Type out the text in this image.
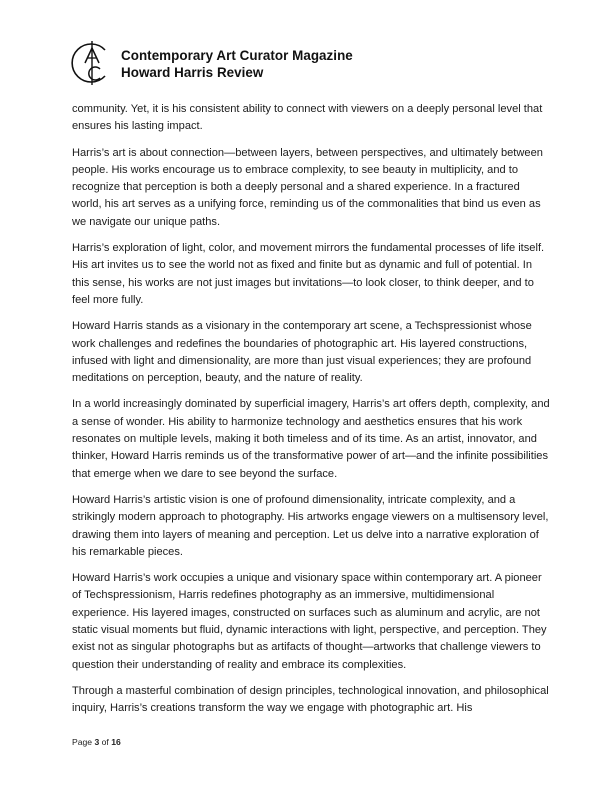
Contemporary Art Curator Magazine
Howard Harris Review

community. Yet, it is his consistent ability to connect with viewers on a deeply personal level that ensures his lasting impact.

Harris’s art is about connection—between layers, between perspectives, and ultimately between people. His works encourage us to embrace complexity, to see beauty in multiplicity, and to recognize that perception is both a deeply personal and a shared experience. In a fractured world, his art serves as a unifying force, reminding us of the commonalities that bind us even as we navigate our unique paths.

Harris’s exploration of light, color, and movement mirrors the fundamental processes of life itself. His art invites us to see the world not as fixed and finite but as dynamic and full of potential. In this sense, his works are not just images but invitations—to look closer, to think deeper, and to feel more fully.

Howard Harris stands as a visionary in the contemporary art scene, a Techspressionist whose work challenges and redefines the boundaries of photographic art. His layered constructions, infused with light and dimensionality, are more than just visual experiences; they are profound meditations on perception, beauty, and the nature of reality.

In a world increasingly dominated by superficial imagery, Harris’s art offers depth, complexity, and a sense of wonder. His ability to harmonize technology and aesthetics ensures that his work resonates on multiple levels, making it both timeless and of its time. As an artist, innovator, and thinker, Howard Harris reminds us of the transformative power of art—and the infinite possibilities that emerge when we dare to see beyond the surface.

Howard Harris’s artistic vision is one of profound dimensionality, intricate complexity, and a strikingly modern approach to photography. His artworks engage viewers on a multisensory level, drawing them into layers of meaning and perception. Let us delve into a narrative exploration of his remarkable pieces.

Howard Harris’s work occupies a unique and visionary space within contemporary art. A pioneer of Techspressionism, Harris redefines photography as an immersive, multidimensional experience. His layered images, constructed on surfaces such as aluminum and acrylic, are not static visual moments but fluid, dynamic interactions with light, perspective, and perception. They exist not as singular photographs but as artifacts of thought—artworks that challenge viewers to question their understanding of reality and embrace its complexities.

Through a masterful combination of design principles, technological innovation, and philosophical inquiry, Harris’s creations transform the way we engage with photographic art. His

Page 3 of 16
